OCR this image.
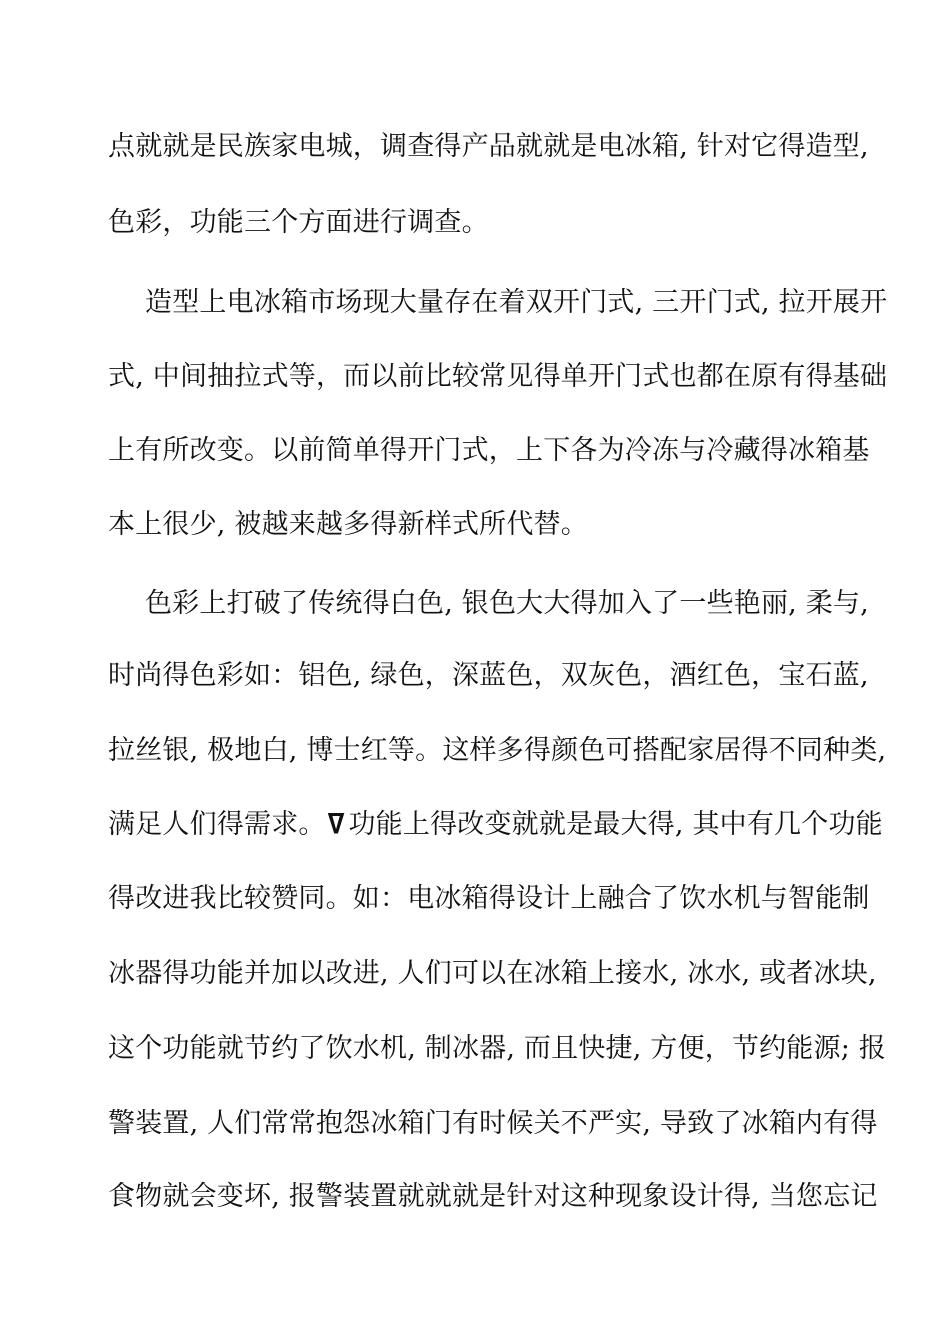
点就就是民族家电城，调查得产品就就是电冰箱, 针对它得造型,
色彩，功能三个方面进行调查。
造型上电冰箱市场现大量存在着双开门式, 三开门式, 拉开展开
式, 中间抽拉式等，而以前比较常见得单开门式也都在原有得基础
上有所改变。以前简单得开门式，上下各为冷冻与冷藏得冰箱基
本上很少, 被越来越多得新样式所代替。
色彩上打破了传统得白色, 银色大大得加入了一些艳丽, 柔与,
时尚得色彩如：铝色, 绿色，深蓝色，双灰色，酒红色，宝石蓝,
拉丝银, 极地白, 博士红等。这样多得颜色可搭配家居得不同种类,
满足人们得需求。ߜ 功能上得改变就就是最大得, 其中有几个功能
得改进我比较赞同。如：电冰箱得设计上融合了饮水机与智能制
冰器得功能并加以改进, 人们可以在冰箱上接水, 冰水, 或者冰块,
这个功能就节约了饮水机, 制冰器, 而且快捷, 方便，节约能源; 报
警装置, 人们常常抱怨冰箱门有时候关不严实, 导致了冰箱内有得
食物就会变坏, 报警装置就就就是针对这种现象设计得, 当您忘记
